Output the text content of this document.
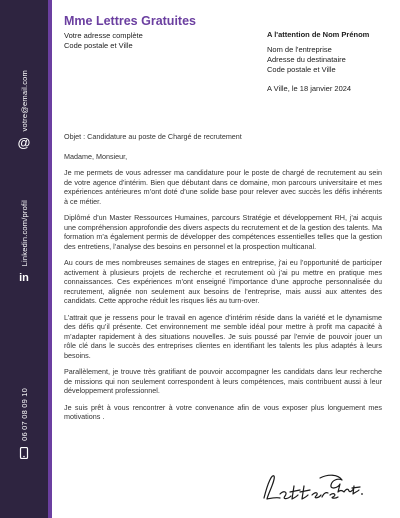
votre@email.com
@
Linkedin.com/profil
in
06 07 08 09 10
Mme Lettres Gratuites
Votre adresse complète
Code postale et Ville
A l'attention de Nom Prénom
Nom de l'entreprise
Adresse du destinataire
Code postale et Ville
A Ville, le 18 janvier 2024

Objet : Candidature au poste de Chargé de recrutement

Madame, Monsieur,

Je me permets de vous adresser ma candidature pour le poste de chargé de recrutement au sein de votre agence d’intérim. Bien que débutant dans ce domaine, mon parcours universitaire et mes expériences antérieures m’ont doté d’une solide base pour relever avec succès les défis inhérents à ce métier.

Diplômé d’un Master Ressources Humaines, parcours Stratégie et développement RH, j’ai acquis une compréhension approfondie des divers aspects du recrutement et de la gestion des talents. Ma formation m’a également permis de développer des compétences essentielles telles que la gestion des entretiens, l’analyse des besoins en personnel et la prospection multicanal.

Au cours de mes nombreuses semaines de stages en entreprise, j’ai eu l’opportunité de participer activement à plusieurs projets de recherche et recrutement où j’ai pu mettre en pratique mes connaissances. Ces expériences m’ont enseigné l’importance d’une approche personnalisée du recrutement, alignée non seulement aux besoins de l’entreprise, mais aussi aux attentes des candidats. Cette approche réduit les risques liés au turn-over.

L’attrait que je ressens pour le travail en agence d’intérim réside dans la variété et le dynamisme des défis qu’il présente. Cet environnement me semble idéal pour mettre à profit ma capacité à m’adapter rapidement à des situations nouvelles. Je suis poussé par l’envie de pouvoir jouer un rôle clé dans le succès des entreprises clientes en identifiant les talents les plus adaptés à leurs besoins.

Parallèlement, je trouve très gratifiant de pouvoir accompagner les candidats dans leur recherche de missions qui non seulement correspondent à leurs compétences, mais contribuent aussi à leur développement professionnel.

Je suis prêt à vous rencontrer à votre convenance afin de vous exposer plus longuement mes motivations .
